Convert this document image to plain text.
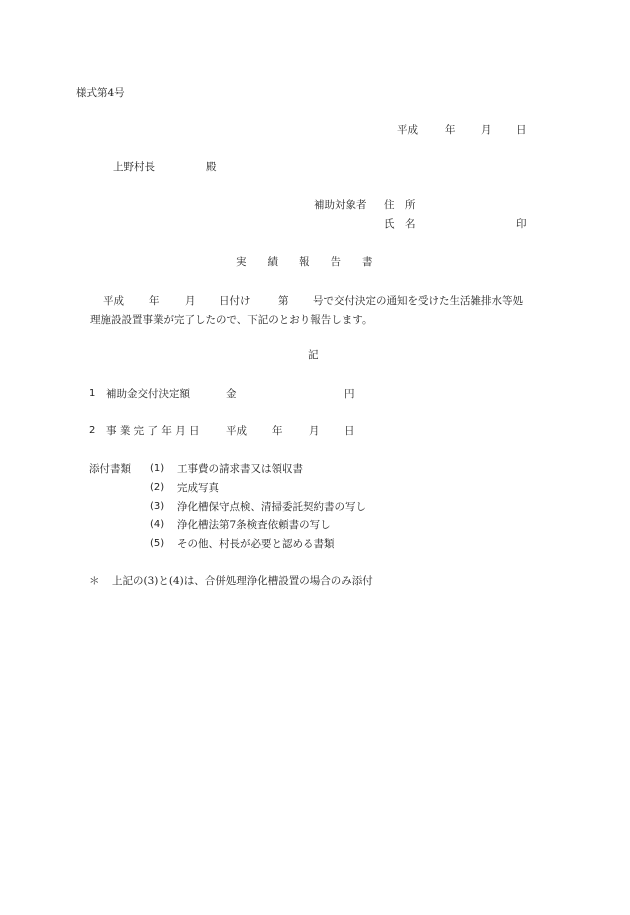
様式第4号
平成	年 月 日
上野村長	殿
補助対象者 住　所
氏　名	印
実　　績　　報　　告　　書
平成 年 月 日付け	第 号で交付決定の通知を受けた生活雑排水等処
理施設設置事業が完了したので、下記のとおり報告します。
記
1 補助金交付決定額	金	円
2 事 業 完 了 年 月 日	平成 年	月 日
添付書類 (1) 工事費の請求書又は領収書
(2) 完成写真
(3) 浄化槽保守点検、清掃委託契約書の写し
(4) 浄化槽法第7条検査依頼書の写し
(5) その他、村長が必要と認める書類
＊ 上記の(3)と(4)は、合併処理浄化槽設置の場合のみ添付
